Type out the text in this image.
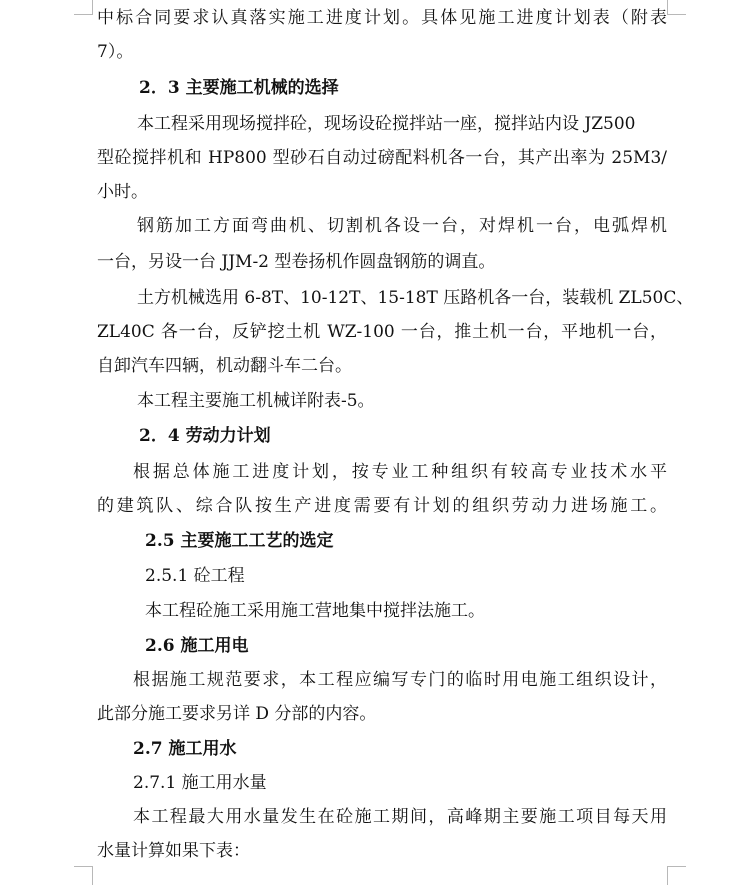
中标合同要求认真落实施工进度计划。具体见施工进度计划表（附表
7）。
2．3 主要施工机械的选择
本工程采用现场搅拌砼，现场设砼搅拌站一座，搅拌站内设 JZ500
型砼搅拌机和 HP800 型砂石自动过磅配料机各一台，其产出率为 25M3/
小时。
钢筋加工方面弯曲机、切割机各设一台，对焊机一台，电弧焊机
一台，另设一台 JJM-2 型卷扬机作圆盘钢筋的调直。
土方机械选用 6-8T、10-12T、15-18T 压路机各一台，装载机 ZL50C、
ZL40C 各一台，反铲挖土机 WZ-100 一台，推土机一台，平地机一台，
自卸汽车四辆，机动翻斗车二台。
本工程主要施工机械详附表-5。
2．4 劳动力计划
根据总体施工进度计划，按专业工种组织有较高专业技术水平
的建筑队、综合队按生产进度需要有计划的组织劳动力进场施工。
2.5 主要施工工艺的选定
2.5.1 砼工程
本工程砼施工采用施工营地集中搅拌法施工。
2.6 施工用电
根据施工规范要求，本工程应编写专门的临时用电施工组织设计，
此部分施工要求另详 D 分部的内容。
2.7 施工用水
2.7.1 施工用水量
本工程最大用水量发生在砼施工期间，高峰期主要施工项目每天用
水量计算如果下表：
